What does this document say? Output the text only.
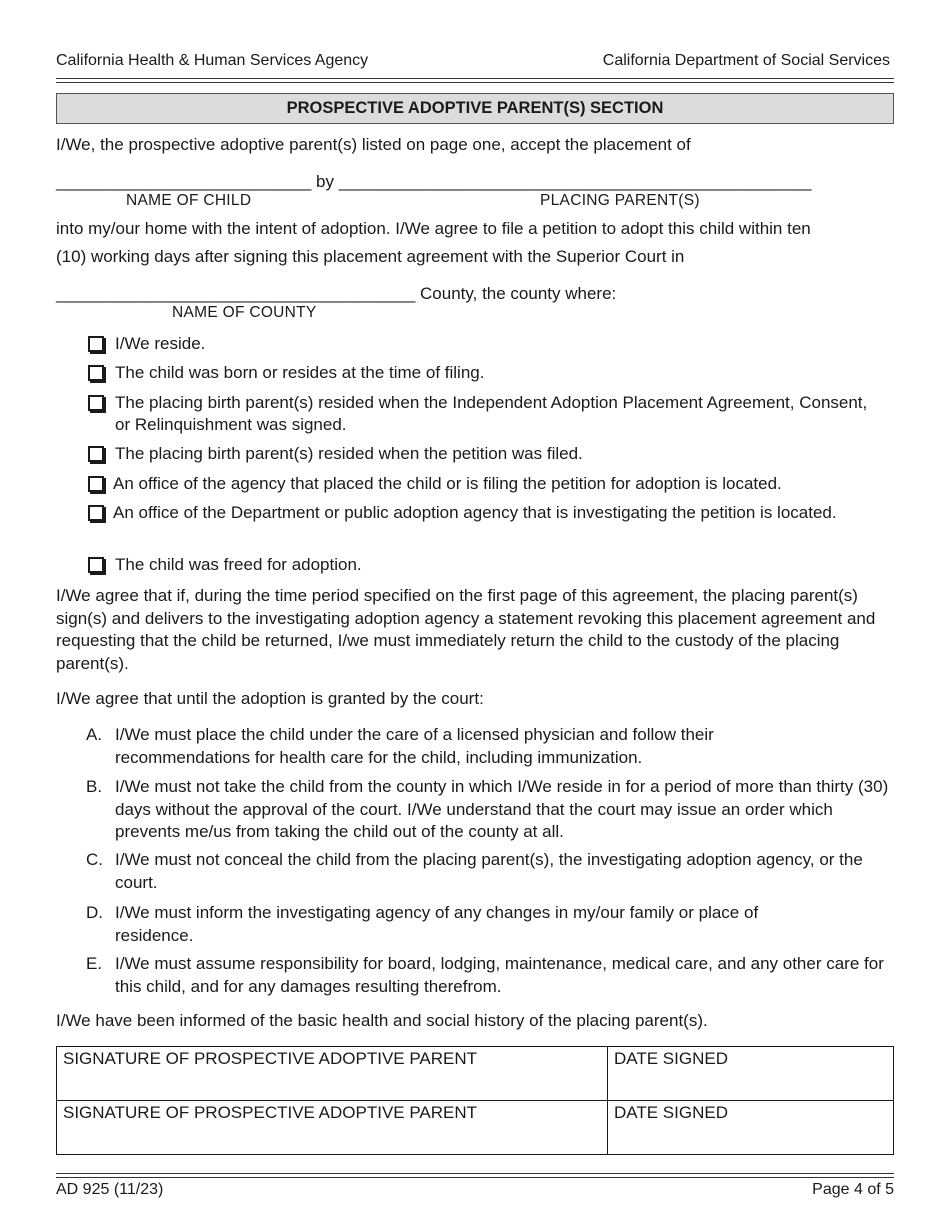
California Health & Human Services Agency	California Department of Social Services
PROSPECTIVE ADOPTIVE PARENT(S) SECTION
I/We, the prospective adoptive parent(s) listed on page one, accept the placement of
___________________________ by __________________________________________________
NAME OF CHILD	PLACING PARENT(S)
into my/our home with the intent of adoption. I/We agree to file a petition to adopt this child within ten
(10) working days after signing this placement agreement with the Superior Court in
______________________________________ County, the county where:
NAME OF COUNTY
I/We reside.
The child was born or resides at the time of filing.
The placing birth parent(s) resided when the Independent Adoption Placement Agreement, Consent, or Relinquishment was signed.
The placing birth parent(s) resided when the petition was filed.
An office of the agency that placed the child or is filing the petition for adoption is located.
An office of the Department or public adoption agency that is investigating the petition is located.
The child was freed for adoption.
I/We agree that if, during the time period specified on the first page of this agreement, the placing parent(s) sign(s) and delivers to the investigating adoption agency a statement revoking this placement agreement and requesting that the child be returned, I/we must immediately return the child to the custody of the placing parent(s).
I/We agree that until the adoption is granted by the court:
A. I/We must place the child under the care of a licensed physician and follow their recommendations for health care for the child, including immunization.
B. I/We must not take the child from the county in which I/We reside in for a period of more than thirty (30) days without the approval of the court. I/We understand that the court may issue an order which prevents me/us from taking the child out of the county at all.
C. I/We must not conceal the child from the placing parent(s), the investigating adoption agency, or the court.
D. I/We must inform the investigating agency of any changes in my/our family or place of residence.
E. I/We must assume responsibility for board, lodging, maintenance, medical care, and any other care for this child, and for any damages resulting therefrom.
I/We have been informed of the basic health and social history of the placing parent(s).
SIGNATURE OF PROSPECTIVE ADOPTIVE PARENT	DATE SIGNED
SIGNATURE OF PROSPECTIVE ADOPTIVE PARENT	DATE SIGNED
AD 925 (11/23)	Page 4 of 5
